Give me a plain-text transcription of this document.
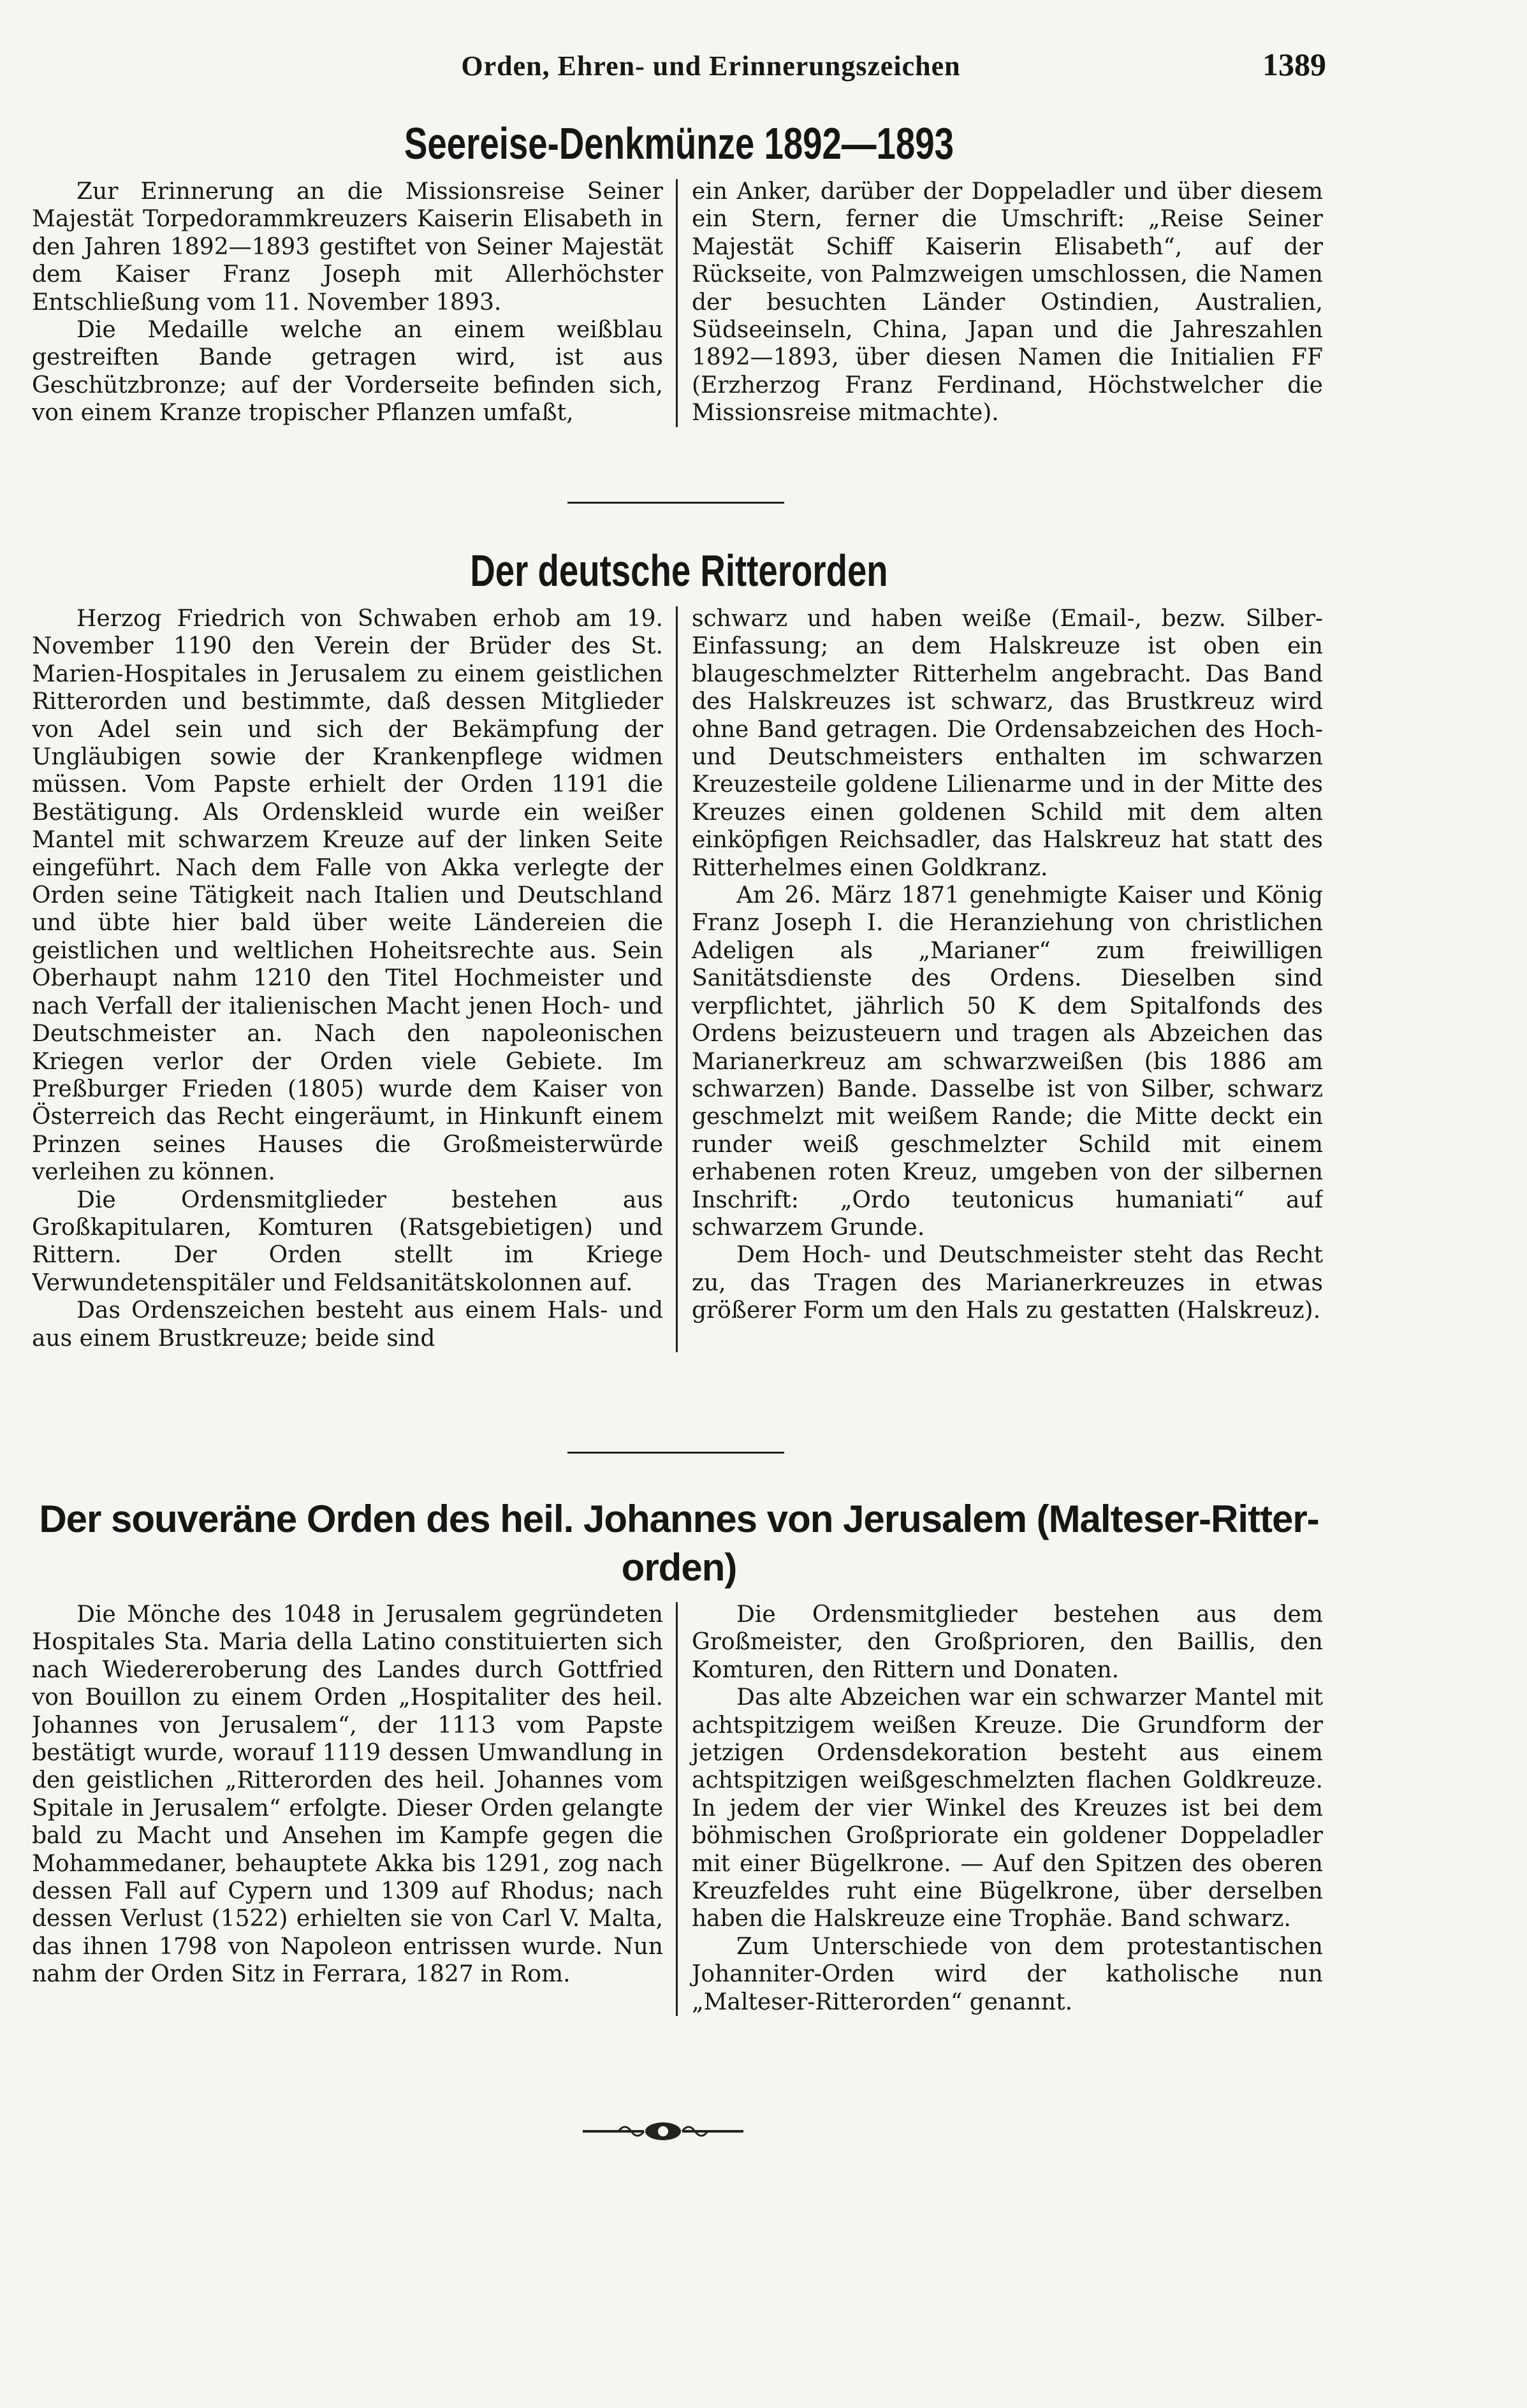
Orden, Ehren- und Erinnerungszeichen	1389
Seereise-Denkmünze 1892—1893

Zur Erinnerung an die Missionsreise Seiner Majestät Torpedorammkreuzers Kaiserin Elisabeth in den Jahren 1892—1893 gestiftet von Seiner Majestät dem Kaiser Franz Joseph mit Allerhöchster Entschließung vom 11. November 1893.

Die Medaille welche an einem weißblau gestreiften Bande getragen wird, ist aus Geschützbronze; auf der Vorderseite befinden sich, von einem Kranze tropischer Pflanzen umfaßt,

ein Anker, darüber der Doppeladler und über diesem ein Stern, ferner die Umschrift: „Reise Seiner Majestät Schiff Kaiserin Elisabeth“, auf der Rückseite, von Palmzweigen umschlossen, die Namen der besuchten Länder Ostindien, Australien, Südseeinseln, China, Japan und die Jahreszahlen 1892—1893, über diesen Namen die Initialien FF (Erzherzog Franz Ferdinand, Höchstwelcher die Missionsreise mitmachte).

Der deutsche Ritterorden

Herzog Friedrich von Schwaben erhob am 19. November 1190 den Verein der Brüder des St. Marien-Hospitales in Jerusalem zu einem geistlichen Ritterorden und bestimmte, daß dessen Mitglieder von Adel sein und sich der Bekämpfung der Ungläubigen sowie der Krankenpflege widmen müssen. Vom Papste erhielt der Orden 1191 die Bestätigung. Als Ordenskleid wurde ein weißer Mantel mit schwarzem Kreuze auf der linken Seite eingeführt. Nach dem Falle von Akka verlegte der Orden seine Tätigkeit nach Italien und Deutschland und übte hier bald über weite Ländereien die geistlichen und weltlichen Hoheitsrechte aus. Sein Oberhaupt nahm 1210 den Titel Hochmeister und nach Verfall der italienischen Macht jenen Hoch- und Deutschmeister an. Nach den napoleonischen Kriegen verlor der Orden viele Gebiete. Im Preßburger Frieden (1805) wurde dem Kaiser von Österreich das Recht eingeräumt, in Hinkunft einem Prinzen seines Hauses die Großmeisterwürde verleihen zu können.

Die Ordensmitglieder bestehen aus Großkapitularen, Komturen (Ratsgebietigen) und Rittern. Der Orden stellt im Kriege Verwundetenspitäler und Feldsanitätskolonnen auf.

Das Ordenszeichen besteht aus einem Hals- und aus einem Brustkreuze; beide sind

schwarz und haben weiße (Email-, bezw. Silber-Einfassung; an dem Halskreuze ist oben ein blaugeschmelzter Ritterhelm angebracht. Das Band des Halskreuzes ist schwarz, das Brustkreuz wird ohne Band getragen. Die Ordensabzeichen des Hoch- und Deutschmeisters enthalten im schwarzen Kreuzesteile goldene Lilienarme und in der Mitte des Kreuzes einen goldenen Schild mit dem alten einköpfigen Reichsadler, das Halskreuz hat statt des Ritterhelmes einen Goldkranz.

Am 26. März 1871 genehmigte Kaiser und König Franz Joseph I. die Heranziehung von christlichen Adeligen als „Marianer“ zum freiwilligen Sanitätsdienste des Ordens. Dieselben sind verpflichtet, jährlich 50 K dem Spitalfonds des Ordens beizusteuern und tragen als Abzeichen das Marianerkreuz am schwarzweißen (bis 1886 am schwarzen) Bande. Dasselbe ist von Silber, schwarz geschmelzt mit weißem Rande; die Mitte deckt ein runder weiß geschmelzter Schild mit einem erhabenen roten Kreuz, umgeben von der silbernen Inschrift: „Ordo teutonicus humaniati“ auf schwarzem Grunde.

Dem Hoch- und Deutschmeister steht das Recht zu, das Tragen des Marianerkreuzes in etwas größerer Form um den Hals zu gestatten (Halskreuz).

Der souveräne Orden des heil. Johannes von Jerusalem (Malteser-Ritter-orden)

Die Mönche des 1048 in Jerusalem gegründeten Hospitales Sta. Maria della Latino constituierten sich nach Wiedereroberung des Landes durch Gottfried von Bouillon zu einem Orden „Hospitaliter des heil. Johannes von Jerusalem“, der 1113 vom Papste bestätigt wurde, worauf 1119 dessen Umwandlung in den geistlichen „Ritterorden des heil. Johannes vom Spitale in Jerusalem“ erfolgte. Dieser Orden gelangte bald zu Macht und Ansehen im Kampfe gegen die Mohammedaner, behauptete Akka bis 1291, zog nach dessen Fall auf Cypern und 1309 auf Rhodus; nach dessen Verlust (1522) erhielten sie von Carl V. Malta, das ihnen 1798 von Napoleon entrissen wurde. Nun nahm der Orden Sitz in Ferrara, 1827 in Rom.

Die Ordensmitglieder bestehen aus dem Großmeister, den Großprioren, den Baillis, den Komturen, den Rittern und Donaten.

Das alte Abzeichen war ein schwarzer Mantel mit achtspitzigem weißen Kreuze. Die Grundform der jetzigen Ordensdekoration besteht aus einem achtspitzigen weißgeschmelzten flachen Goldkreuze. In jedem der vier Winkel des Kreuzes ist bei dem böhmischen Großpriorate ein goldener Doppeladler mit einer Bügelkrone. — Auf den Spitzen des oberen Kreuzfeldes ruht eine Bügelkrone, über derselben haben die Halskreuze eine Trophäe. Band schwarz.

Zum Unterschiede von dem protestantischen Johanniter-Orden wird der katholische nun „Malteser-Ritterorden“ genannt.
